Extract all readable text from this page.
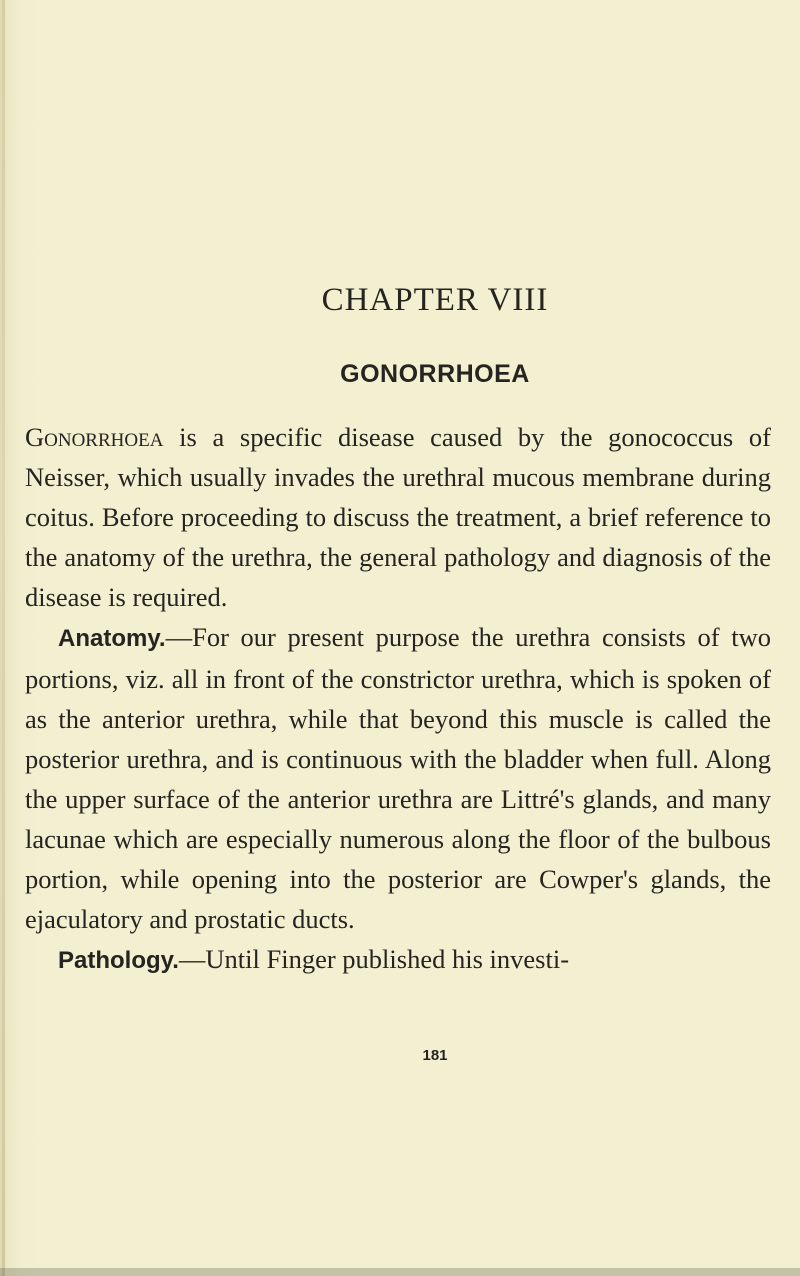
CHAPTER VIII
GONORRHOEA

Gonorrhoea is a specific disease caused by the gonococcus of Neisser, which usually invades the urethral mucous membrane during coitus. Before proceeding to discuss the treatment, a brief reference to the anatomy of the urethra, the general pathology and diagnosis of the disease is required.

Anatomy.—For our present purpose the urethra consists of two portions, viz. all in front of the constrictor urethra, which is spoken of as the anterior urethra, while that beyond this muscle is called the posterior urethra, and is continuous with the bladder when full. Along the upper surface of the anterior urethra are Littré's glands, and many lacunae which are especially numerous along the floor of the bulbous portion, while opening into the posterior are Cowper's glands, the ejaculatory and prostatic ducts.

Pathology.—Until Finger published his investi-

181
